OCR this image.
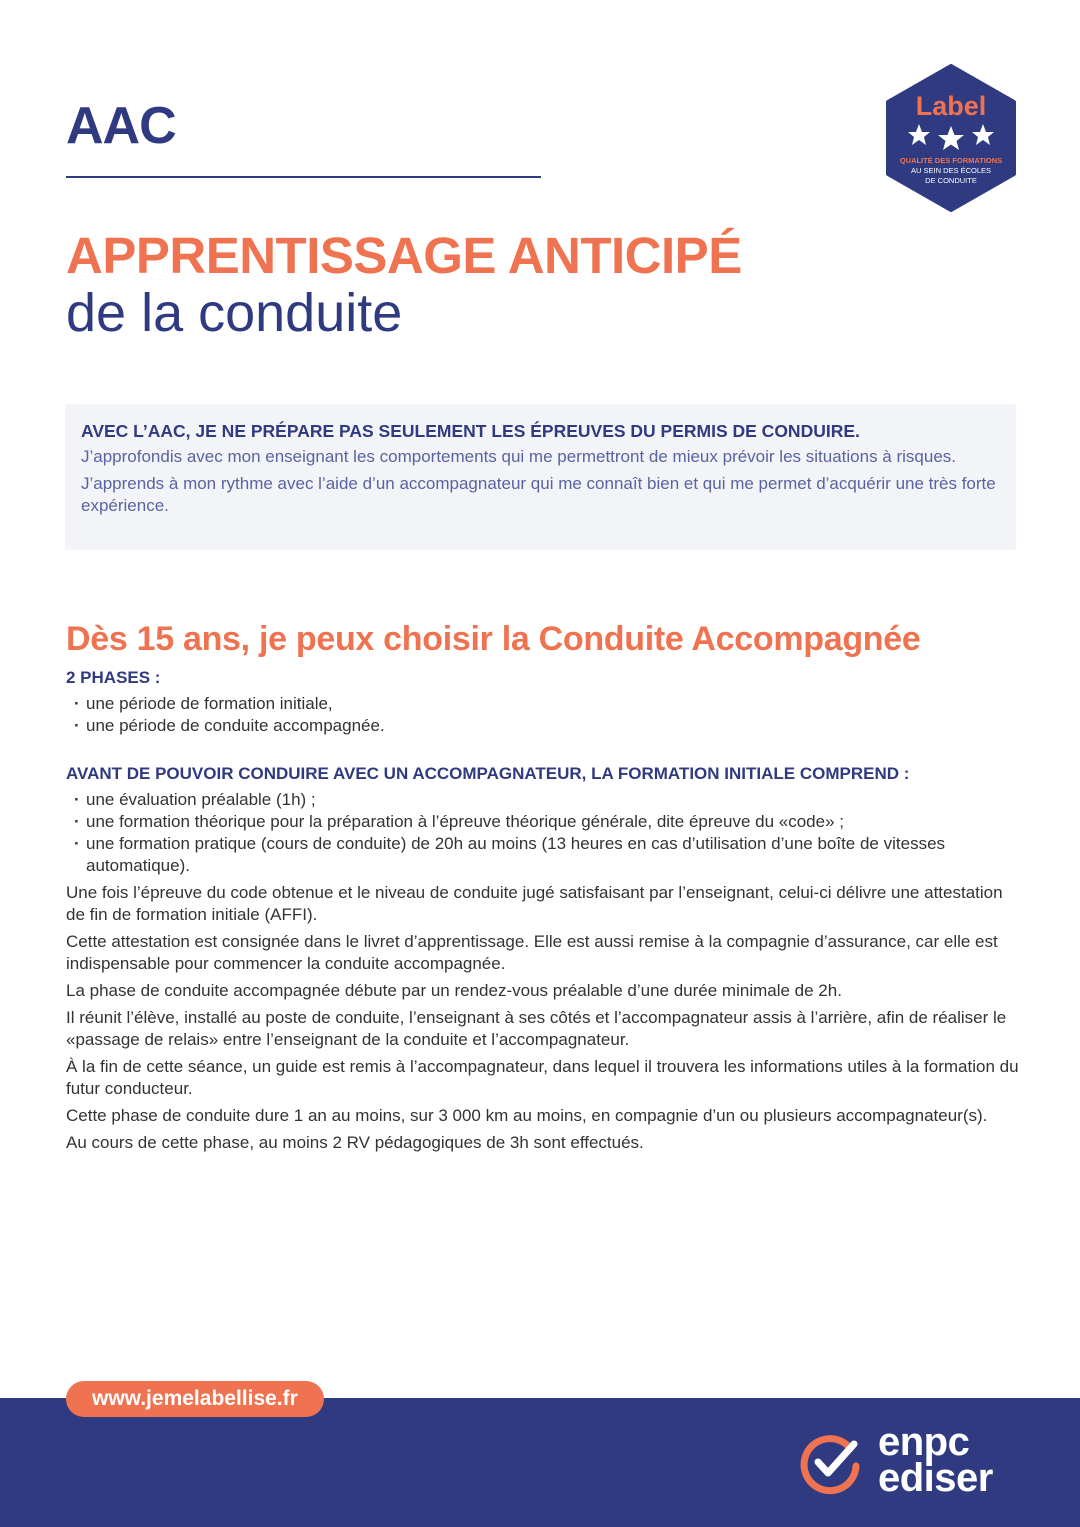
AAC	Label
QUALITÉ DES FORMATIONS
AU SEIN DES ÉCOLES
DE CONDUITE
APPRENTISSAGE ANTICIPÉ
de la conduite
AVEC L’AAC, JE NE PRÉPARE PAS SEULEMENT LES ÉPREUVES DU PERMIS DE CONDUIRE.
J’approfondis avec mon enseignant les comportements qui me permettront de mieux prévoir les situations à risques.
J’apprends à mon rythme avec l’aide d’un accompagnateur qui me connaît bien et qui me permet d’acquérir une très forte expérience.
Dès 15 ans, je peux choisir la Conduite Accompagnée
2 PHASES :
· une période de formation initiale,
· une période de conduite accompagnée.
AVANT DE POUVOIR CONDUIRE AVEC UN ACCOMPAGNATEUR, LA FORMATION INITIALE COMPREND :
· une évaluation préalable (1h) ;
· une formation théorique pour la préparation à l’épreuve théorique générale, dite épreuve du «code» ;
· une formation pratique (cours de conduite) de 20h au moins (13 heures en cas d’utilisation d’une boîte de vitesses automatique).

Une fois l’épreuve du code obtenue et le niveau de conduite jugé satisfaisant par l’enseignant, celui-ci délivre une attestation de fin de formation initiale (AFFI).

Cette attestation est consignée dans le livret d’apprentissage. Elle est aussi remise à la compagnie d’assurance, car elle est indispensable pour commencer la conduite accompagnée.

La phase de conduite accompagnée débute par un rendez-vous préalable d’une durée minimale de 2h.

Il réunit l’élève, installé au poste de conduite, l’enseignant à ses côtés et l’accompagnateur assis à l’arrière, afin de réaliser le «passage de relais» entre l’enseignant de la conduite et l’accompagnateur.

À la fin de cette séance, un guide est remis à l’accompagnateur, dans lequel il trouvera les informations utiles à la formation du futur conducteur.

Cette phase de conduite dure 1 an au moins, sur 3 000 km au moins, en compagnie d’un ou plusieurs accompagnateur(s).

Au cours de cette phase, au moins 2 RV pédagogiques de 3h sont effectués.

www.jemelabellise.fr
enpc
ediser
